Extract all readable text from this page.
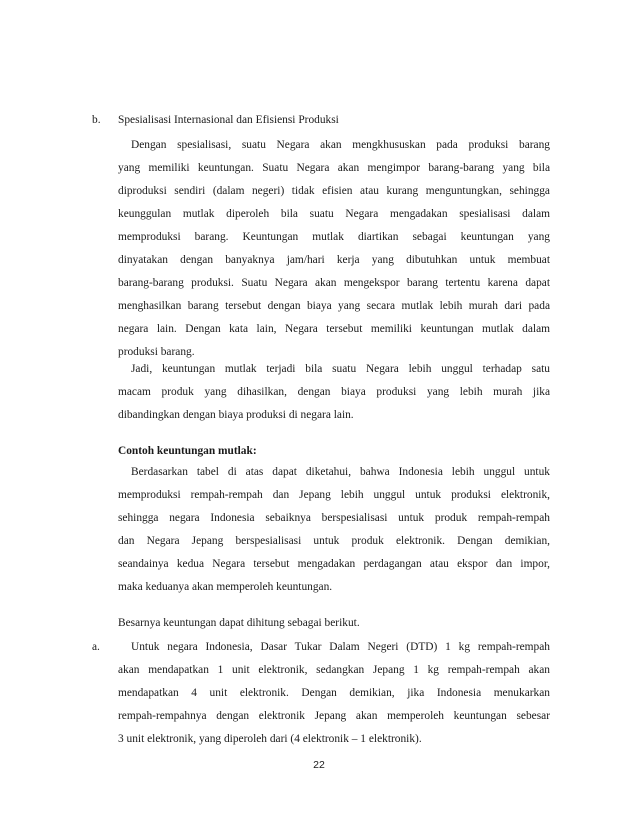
b. Spesialisasi Internasional dan Efisiensi Produksi
Dengan spesialisasi, suatu Negara akan mengkhususkan pada produksi barang
yang memiliki keuntungan. Suatu Negara akan mengimpor barang-barang yang bila
diproduksi sendiri (dalam negeri) tidak efisien atau kurang menguntungkan, sehingga
keunggulan mutlak diperoleh bila suatu Negara mengadakan spesialisasi dalam
memproduksi barang. Keuntungan mutlak diartikan sebagai keuntungan yang
dinyatakan dengan banyaknya jam/hari kerja yang dibutuhkan untuk membuat
barang-barang produksi. Suatu Negara akan mengekspor barang tertentu karena dapat
menghasilkan barang tersebut dengan biaya yang secara mutlak lebih murah dari pada
negara lain. Dengan kata lain, Negara tersebut memiliki keuntungan mutlak dalam
produksi barang.
Jadi, keuntungan mutlak terjadi bila suatu Negara lebih unggul terhadap satu
macam produk yang dihasilkan, dengan biaya produksi yang lebih murah jika
dibandingkan dengan biaya produksi di negara lain.
Contoh keuntungan mutlak:
Berdasarkan tabel di atas dapat diketahui, bahwa Indonesia lebih unggul untuk
memproduksi rempah-rempah dan Jepang lebih unggul untuk produksi elektronik,
sehingga negara Indonesia sebaiknya berspesialisasi untuk produk rempah-rempah
dan Negara Jepang berspesialisasi untuk produk elektronik. Dengan demikian,
seandainya kedua Negara tersebut mengadakan perdagangan atau ekspor dan impor,
maka keduanya akan memperoleh keuntungan.
Besarnya keuntungan dapat dihitung sebagai berikut.
a.	Untuk negara Indonesia, Dasar Tukar Dalam Negeri (DTD) 1 kg rempah-rempah
akan mendapatkan 1 unit elektronik, sedangkan Jepang 1 kg rempah-rempah akan
mendapatkan 4 unit elektronik. Dengan demikian, jika Indonesia menukarkan
rempah-rempahnya dengan elektronik Jepang akan memperoleh keuntungan sebesar
3 unit elektronik, yang diperoleh dari (4 elektronik – 1 elektronik).
22
